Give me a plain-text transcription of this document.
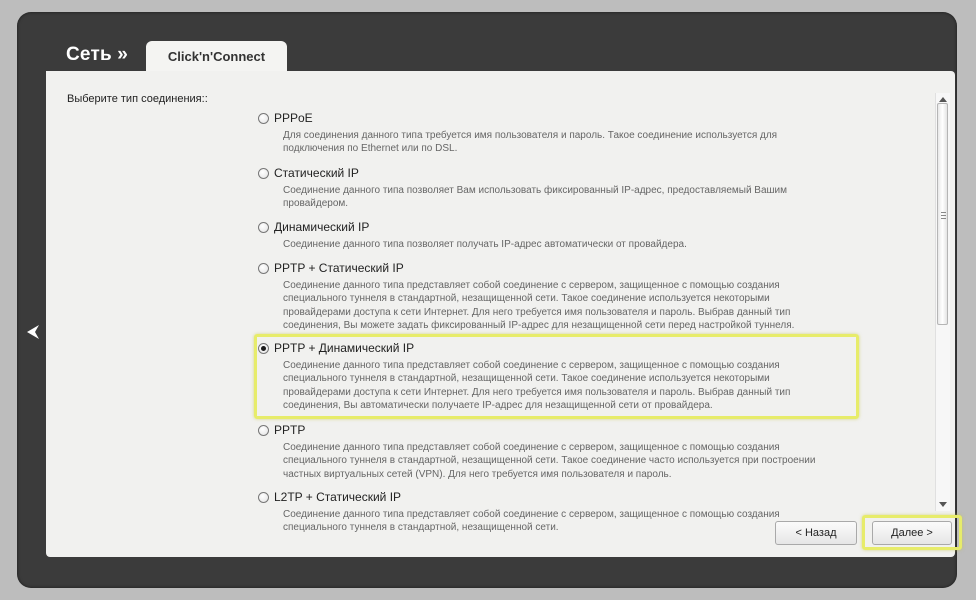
Сеть »	Click'n'Connect
Выберите тип соединения::
PPPoE
Для соединения данного типа требуется имя пользователя и пароль. Такое соединение используется для подключения по Ethernet или по DSL.
Статический IP
Соединение данного типа позволяет Вам использовать фиксированный IP-адрес, предоставляемый Вашим провайдером.
Динамический IP
Соединение данного типа позволяет получать IP-адрес автоматически от провайдера.
PPTP + Статический IP
Соединение данного типа представляет собой соединение с сервером, защищенное с помощью создания специального туннеля в стандартной, незащищенной сети. Такое соединение используется некоторыми провайдерами доступа к сети Интернет. Для него требуется имя пользователя и пароль. Выбрав данный тип соединения, Вы можете задать фиксированный IP-адрес для незащищенной сети перед настройкой туннеля.
PPTP + Динамический IP
Соединение данного типа представляет собой соединение с сервером, защищенное с помощью создания специального туннеля в стандартной, незащищенной сети. Такое соединение используется некоторыми провайдерами доступа к сети Интернет. Для него требуется имя пользователя и пароль. Выбрав данный тип соединения, Вы автоматически получаете IP-адрес для незащищенной сети от провайдера.
PPTP
Соединение данного типа представляет собой соединение с сервером, защищенное с помощью создания специального туннеля в стандартной, незащищенной сети. Такое соединение часто используется при построении частных виртуальных сетей (VPN). Для него требуется имя пользователя и пароль.
L2TP + Статический IP
Соединение данного типа представляет собой соединение с сервером, защищенное с помощью создания специального туннеля в стандартной, незащищенной сети.	< Назад	Далее >
